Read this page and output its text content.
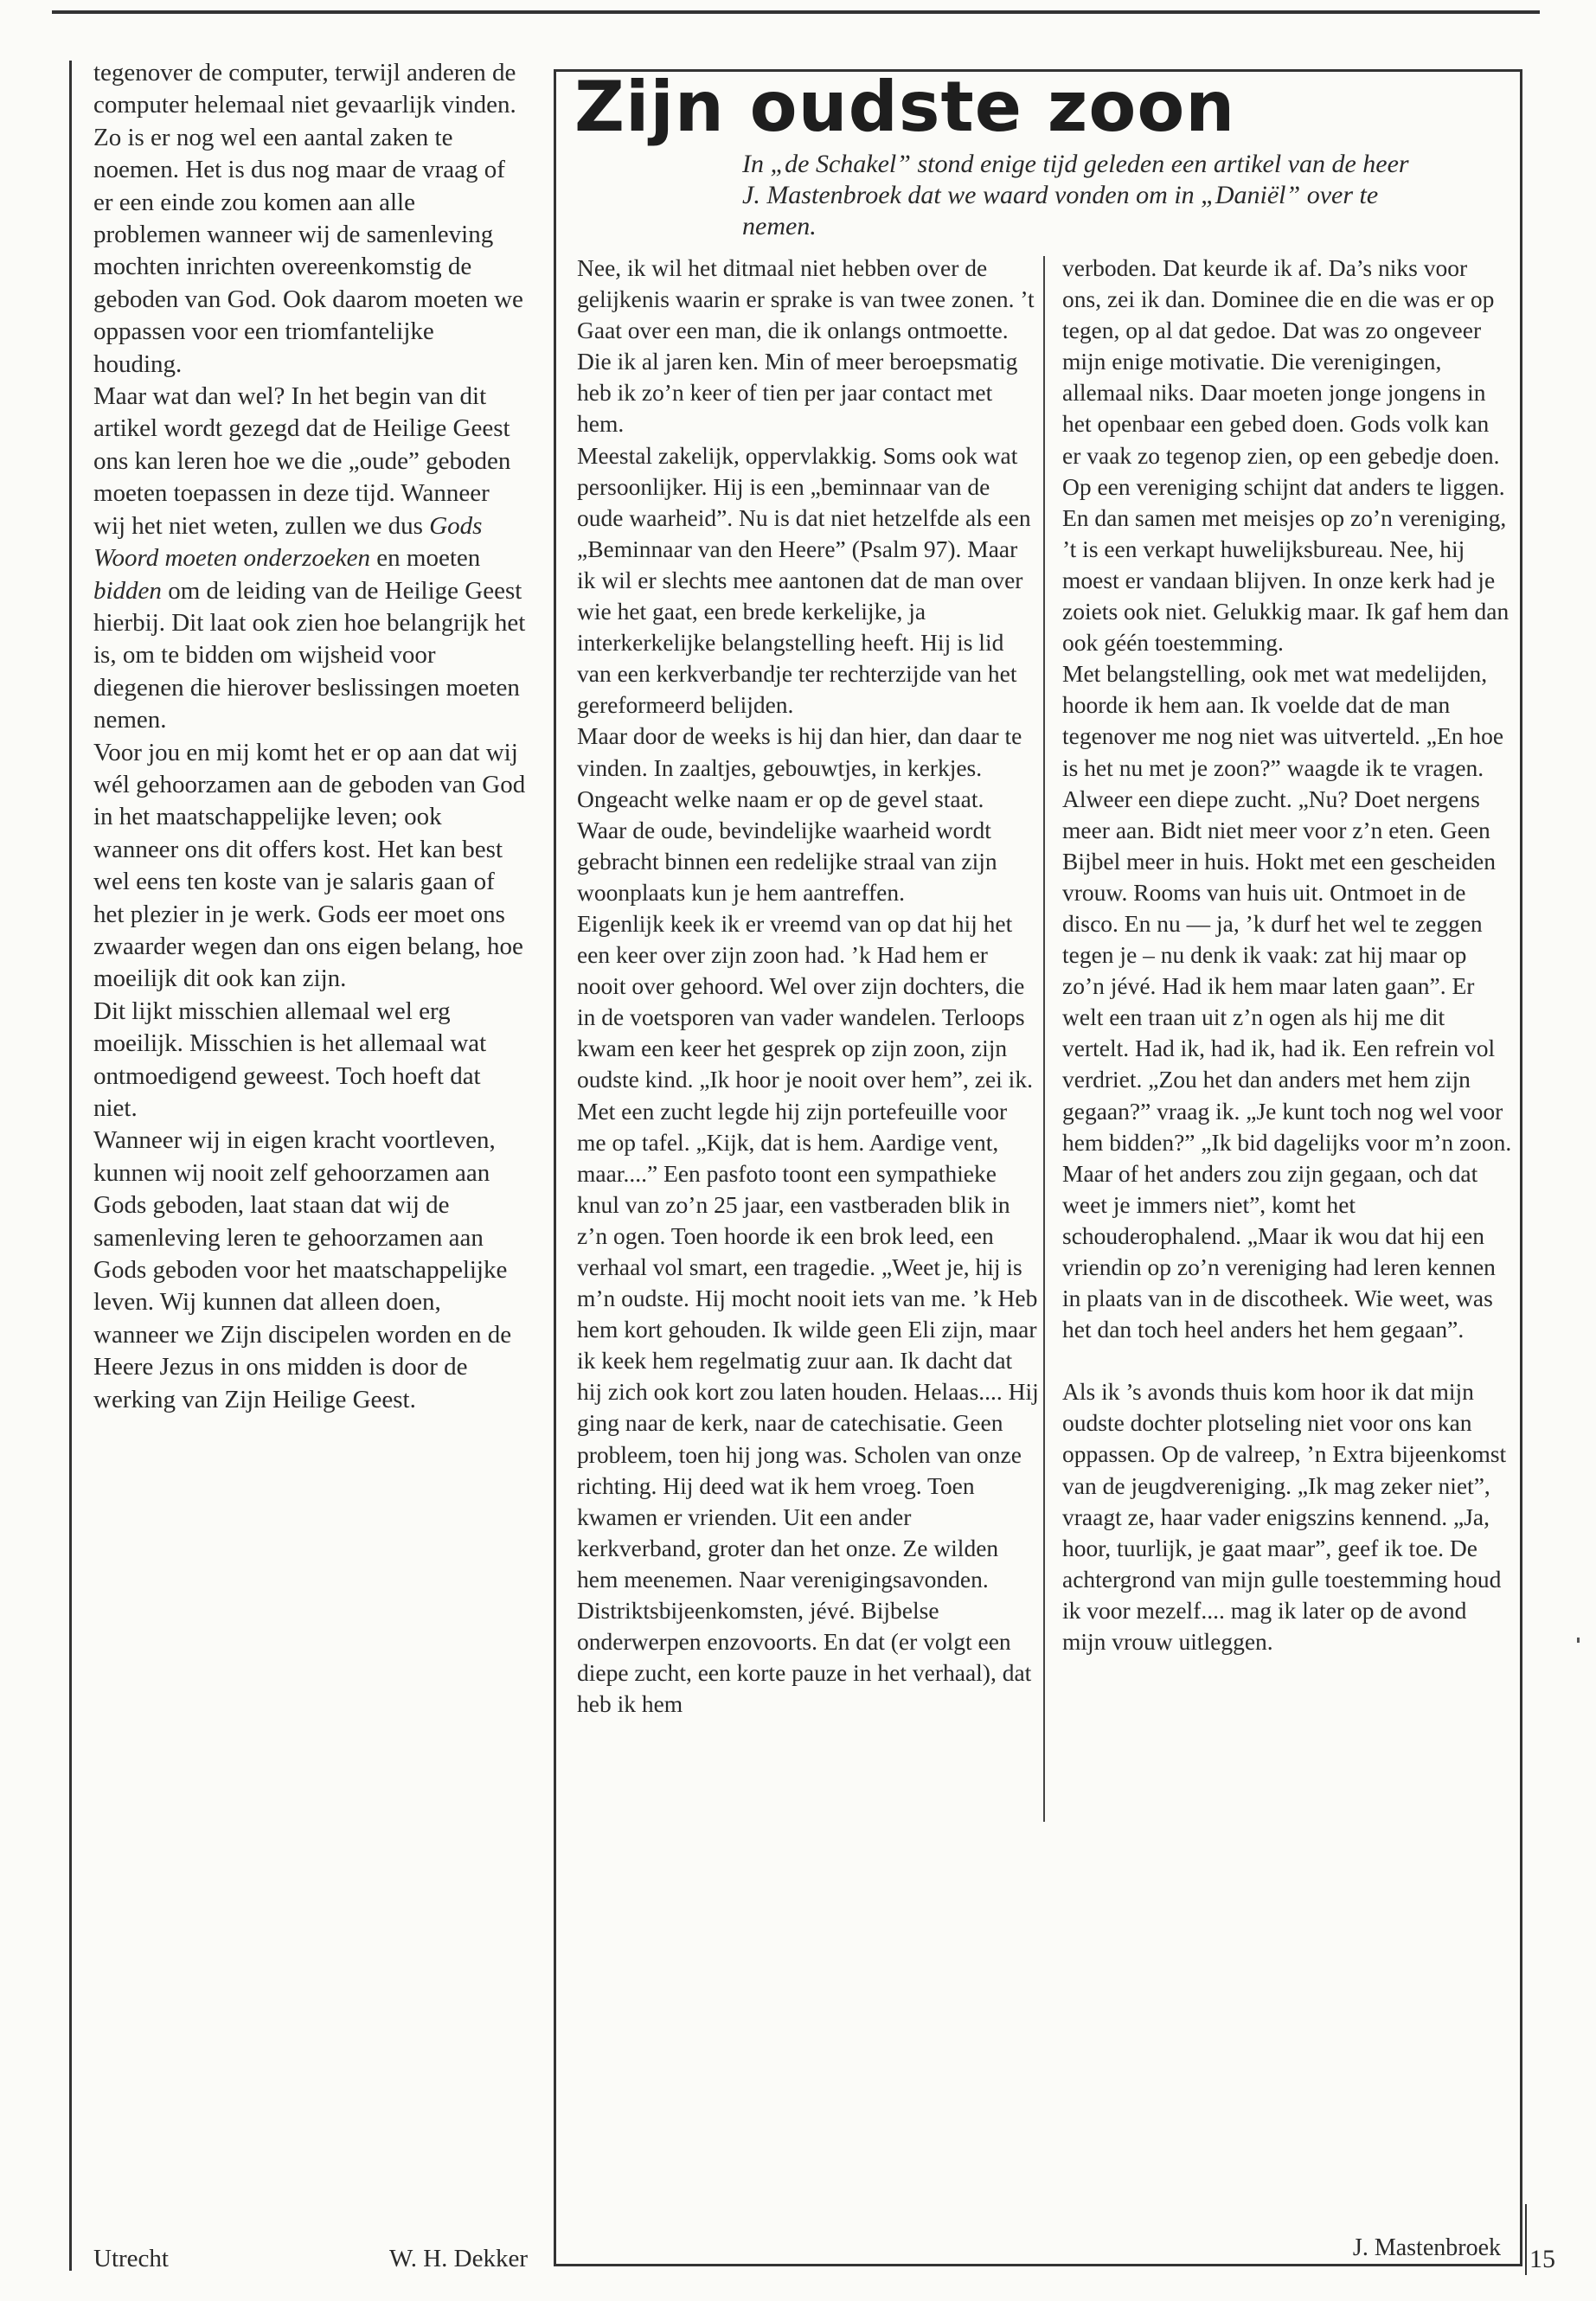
tegenover de computer, terwijl anderen de computer helemaal niet gevaarlijk vinden. Zo is er nog wel een aantal zaken te noemen. Het is dus nog maar de vraag of er een einde zou komen aan alle problemen wanneer wij de samenleving mochten inrichten overeenkomstig de geboden van God. Ook daarom moeten we oppassen voor een triomfantelijke houding.

Maar wat dan wel? In het begin van dit artikel wordt gezegd dat de Heilige Geest ons kan leren hoe we die „oude” geboden moeten toepassen in deze tijd. Wanneer wij het niet weten, zullen we dus Gods Woord moeten onderzoeken en moeten bidden om de leiding van de Heilige Geest hierbij. Dit laat ook zien hoe belangrijk het is, om te bidden om wijsheid voor diegenen die hierover beslissingen moeten nemen.

Voor jou en mij komt het er op aan dat wij wél gehoorzamen aan de geboden van God in het maatschappelijke leven; ook wanneer ons dit offers kost. Het kan best wel eens ten koste van je salaris gaan of het plezier in je werk. Gods eer moet ons zwaarder wegen dan ons eigen belang, hoe moeilijk dit ook kan zijn.

Dit lijkt misschien allemaal wel erg moeilijk. Misschien is het allemaal wat ontmoedigend geweest. Toch hoeft dat niet.

Wanneer wij in eigen kracht voortleven, kunnen wij nooit zelf gehoorzamen aan Gods geboden, laat staan dat wij de samenleving leren te gehoorzamen aan Gods geboden voor het maatschappelijke leven. Wij kunnen dat alleen doen, wanneer we Zijn discipelen worden en de Heere Jezus in ons midden is door de werking van Zijn Heilige Geest.

Utrecht	W. H. Dekker
Zijn oudste zoon

In „de Schakel” stond enige tijd geleden een artikel van de heer J. Mastenbroek dat we waard vonden om in „Daniël” over te nemen.

Nee, ik wil het ditmaal niet hebben over de gelijkenis waarin er sprake is van twee zonen. ’t Gaat over een man, die ik onlangs ontmoette. Die ik al jaren ken. Min of meer beroepsmatig heb ik zo’n keer of tien per jaar contact met hem.

Meestal zakelijk, oppervlakkig. Soms ook wat persoonlijker. Hij is een „beminnaar van de oude waarheid”. Nu is dat niet hetzelfde als een „Beminnaar van den Heere” (Psalm 97). Maar ik wil er slechts mee aantonen dat de man over wie het gaat, een brede kerkelijke, ja interkerkelijke belangstelling heeft. Hij is lid van een kerkverbandje ter rechterzijde van het gereformeerd belijden.

Maar door de weeks is hij dan hier, dan daar te vinden. In zaaltjes, gebouwtjes, in kerkjes. Ongeacht welke naam er op de gevel staat. Waar de oude, bevindelijke waarheid wordt gebracht binnen een redelijke straal van zijn woonplaats kun je hem aantreffen.

Eigenlijk keek ik er vreemd van op dat hij het een keer over zijn zoon had. ’k Had hem er nooit over gehoord. Wel over zijn dochters, die in de voetsporen van vader wandelen. Terloops kwam een keer het gesprek op zijn zoon, zijn oudste kind. „Ik hoor je nooit over hem”, zei ik. Met een zucht legde hij zijn portefeuille voor me op tafel. „Kijk, dat is hem. Aardige vent, maar....” Een pasfoto toont een sympathieke knul van zo’n 25 jaar, een vastberaden blik in z’n ogen. Toen hoorde ik een brok leed, een verhaal vol smart, een tragedie. „Weet je, hij is m’n oudste. Hij mocht nooit iets van me. ’k Heb hem kort gehouden. Ik wilde geen Eli zijn, maar ik keek hem regelmatig zuur aan. Ik dacht dat hij zich ook kort zou laten houden. Helaas.... Hij ging naar de kerk, naar de catechisatie. Geen probleem, toen hij jong was. Scholen van onze richting. Hij deed wat ik hem vroeg. Toen kwamen er vrienden. Uit een ander kerkverband, groter dan het onze. Ze wilden hem meenemen. Naar verenigingsavonden. Distriktsbijeenkomsten, jévé. Bijbelse onderwerpen enzovoorts. En dat (er volgt een diepe zucht, een korte pauze in het verhaal), dat heb ik hem

verboden. Dat keurde ik af. Da’s niks voor ons, zei ik dan. Dominee die en die was er op tegen, op al dat gedoe. Dat was zo ongeveer mijn enige motivatie. Die verenigingen, allemaal niks. Daar moeten jonge jongens in het openbaar een gebed doen. Gods volk kan er vaak zo tegenop zien, op een gebedje doen. Op een vereniging schijnt dat anders te liggen. En dan samen met meisjes op zo’n vereniging, ’t is een verkapt huwelijksbureau. Nee, hij moest er vandaan blijven. In onze kerk had je zoiets ook niet. Gelukkig maar. Ik gaf hem dan ook géén toestemming.

Met belangstelling, ook met wat medelijden, hoorde ik hem aan. Ik voelde dat de man tegenover me nog niet was uitverteld. „En hoe is het nu met je zoon?” waagde ik te vragen. Alweer een diepe zucht. „Nu? Doet nergens meer aan. Bidt niet meer voor z’n eten. Geen Bijbel meer in huis. Hokt met een gescheiden vrouw. Rooms van huis uit. Ontmoet in de disco. En nu — ja, ’k durf het wel te zeggen tegen je – nu denk ik vaak: zat hij maar op zo’n jévé. Had ik hem maar laten gaan”. Er welt een traan uit z’n ogen als hij me dit vertelt. Had ik, had ik, had ik. Een refrein vol verdriet. „Zou het dan anders met hem zijn gegaan?” vraag ik. „Je kunt toch nog wel voor hem bidden?” „Ik bid dagelijks voor m’n zoon. Maar of het anders zou zijn gegaan, och dat weet je immers niet”, komt het schouderophalend. „Maar ik wou dat hij een vriendin op zo’n vereniging had leren kennen in plaats van in de discotheek. Wie weet, was het dan toch heel anders het hem gegaan”.

Als ik ’s avonds thuis kom hoor ik dat mijn oudste dochter plotseling niet voor ons kan oppassen. Op de valreep, ’n Extra bijeenkomst van de jeugdvereniging. „Ik mag zeker niet”, vraagt ze, haar vader enigszins kennend. „Ja, hoor, tuurlijk, je gaat maar”, geef ik toe. De achtergrond van mijn gulle toestemming houd ik voor mezelf.... mag ik later op de avond mijn vrouw uitleggen.

J. Mastenbroek 15
